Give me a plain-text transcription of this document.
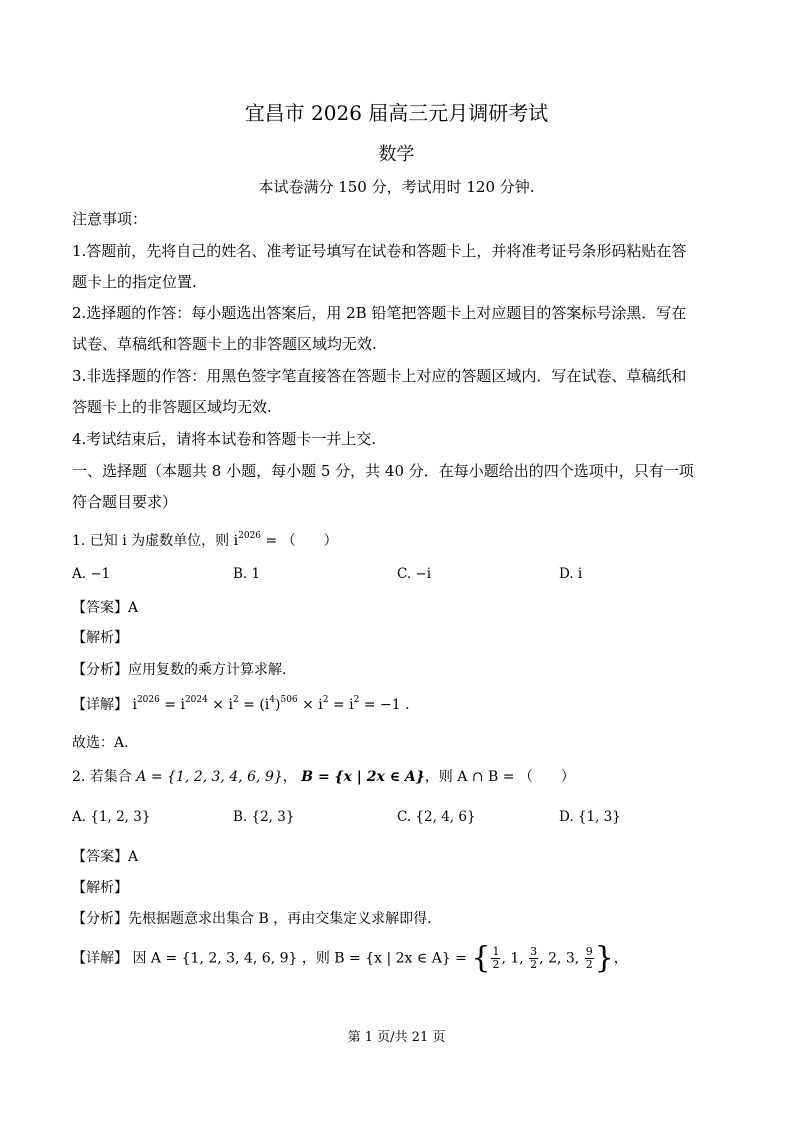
宜昌市 2026 届高三元月调研考试
数学
本试卷满分 150 分，考试用时 120 分钟.
注意事项：
1.答题前，先将自己的姓名、准考证号填写在试卷和答题卡上，并将准考证号条形码粘贴在答
题卡上的指定位置.
2.选择题的作答：每小题选出答案后，用 2B 铅笔把答题卡上对应题目的答案标号涂黑．写在
试卷、草稿纸和答题卡上的非答题区域均无效.
3.非选择题的作答：用黑色签字笔直接答在答题卡上对应的答题区域内．写在试卷、草稿纸和
答题卡上的非答题区域均无效.
4.考试结束后，请将本试卷和答题卡一并上交.
一、选择题（本题共 8 小题，每小题 5 分，共 40 分．在每小题给出的四个选项中，只有一项
符合题目要求）
1. 已知 i 为虚数单位，则 $i^{2026}$ = （　　）
A. −1	B. 1	C. −i	D. i
【答案】A
【解析】
【分析】应用复数的乘方计算求解.
【详解】 $i^{2026} = i^{2024} \times i^2 = (i^4)^{506} \times i^2 = i^2 = -1$ .
故选：A.
2. 若集合 A = {1, 2, 3, 4, 6, 9}， B = {x | 2x ∈ A}，则 A ∩ B = （　　）
A. {1, 2, 3}	B. {2, 3}	C. {2, 4, 6}	D. {1, 3}
【答案】A
【解析】
【分析】先根据题意求出集合 B ，再由交集定义求解即得.
【详解】 因 A = {1, 2, 3, 4, 6, 9} ，则 B = {x | 2x ∈ A} = { $\frac{1}{2}$ , 1, $\frac{3}{2}$ , 2, 3, $\frac{9}{2}$ }，
第 1 页/共 21 页
